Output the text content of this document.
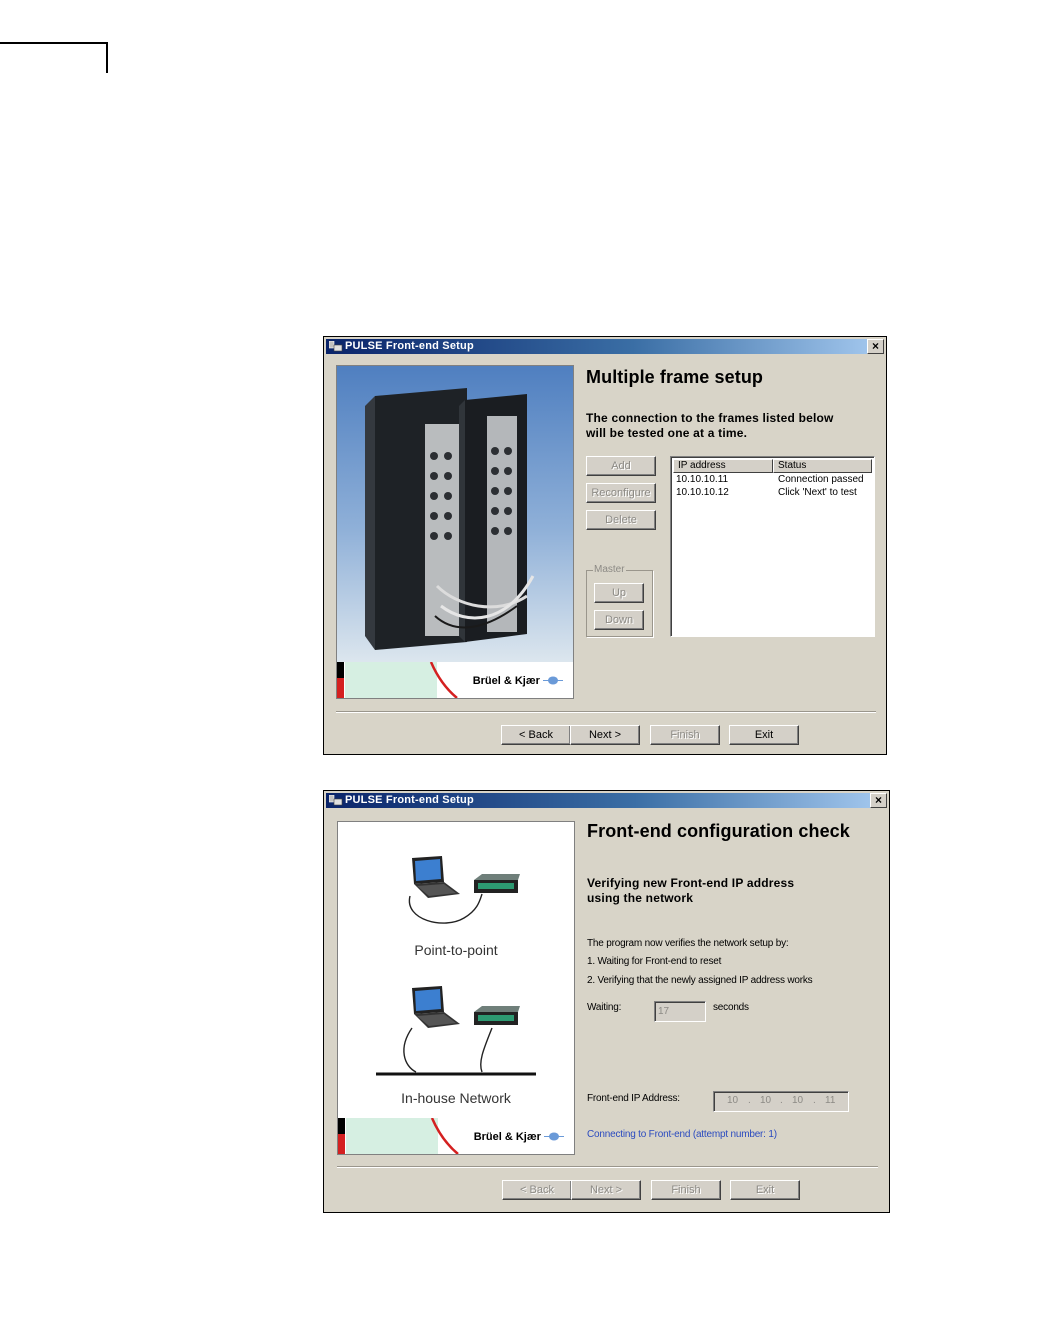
PULSE Front-end Setup	×
Brüel & Kjær
Multiple frame setup
The connection to the frames listed below
will be tested one at a time.
Add
Reconfigure
Delete
Master
Up
Down
IP address	Status
10.10.10.11	Connection passed
10.10.10.12	Click 'Next' to test
< Back	Next >	Finish	Exit
PULSE Front-end Setup	×
Point-to-point
In-house Network
Brüel & Kjær
Front-end configuration check
Verifying new Front-end IP address
using the network
The program now verifies the network setup by:
1. Waiting for Front-end to reset
2. Verifying that the newly assigned IP address works
Waiting:	17	seconds
Front-end IP Address:	10 . 10 . 10 . 11
Connecting to Front-end (attempt number: 1)
< Back	Next >	Finish	Exit
